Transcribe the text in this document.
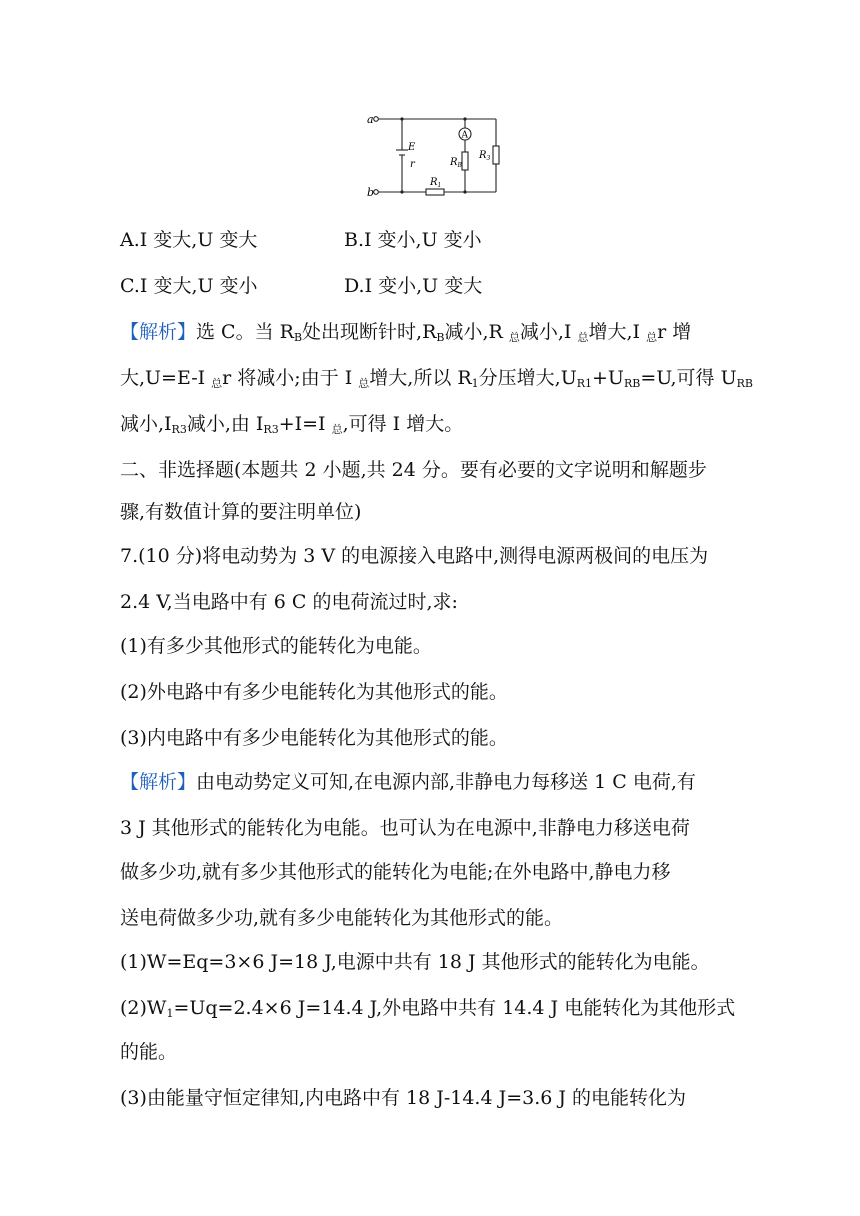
a
b
E
r
A
$R_B$
$R_1$
$R_3$
A.I 变大,U 变大	B.I 变小,U 变小
C.I 变大,U 变小	D.I 变小,U 变大
【解析】选 C。当 $R_B$处出现断针时$,R_B$减小,R $_总$减小,I $_总$增大,I $_总$r 增
大,U=E-I $_总$r 将减小;由于 I $_总$增大,所以 $R_1$分压增大$,U_{R1}+U_{RB}=U$,可得 $U_{RB}$
减小$,I_{R3}$减小,由 $I_{R3}+I=I$ $_总$,可得 I 增大。
二、非选择题(本题共 2 小题,共 24 分。要有必要的文字说明和解题步
骤,有数值计算的要注明单位)
7.(10 分)将电动势为 3 V 的电源接入电路中,测得电源两极间的电压为
2.4 V,当电路中有 6 C 的电荷流过时,求:
(1)有多少其他形式的能转化为电能。
(2)外电路中有多少电能转化为其他形式的能。
(3)内电路中有多少电能转化为其他形式的能。
【解析】由电动势定义可知,在电源内部,非静电力每移送 1 C 电荷,有
3 J 其他形式的能转化为电能。也可认为在电源中,非静电力移送电荷
做多少功,就有多少其他形式的能转化为电能;在外电路中,静电力移
送电荷做多少功,就有多少电能转化为其他形式的能。
(1)W=Eq=3×6 J=18 J,电源中共有 18 J 其他形式的能转化为电能。
$(2)W_1=Uq=2.4\times 6$ J=14.4 J,外电路中共有 14.4 J 电能转化为其他形式
的能。
(3)由能量守恒定律知,内电路中有 18 J-14.4 J=3.6 J 的电能转化为
